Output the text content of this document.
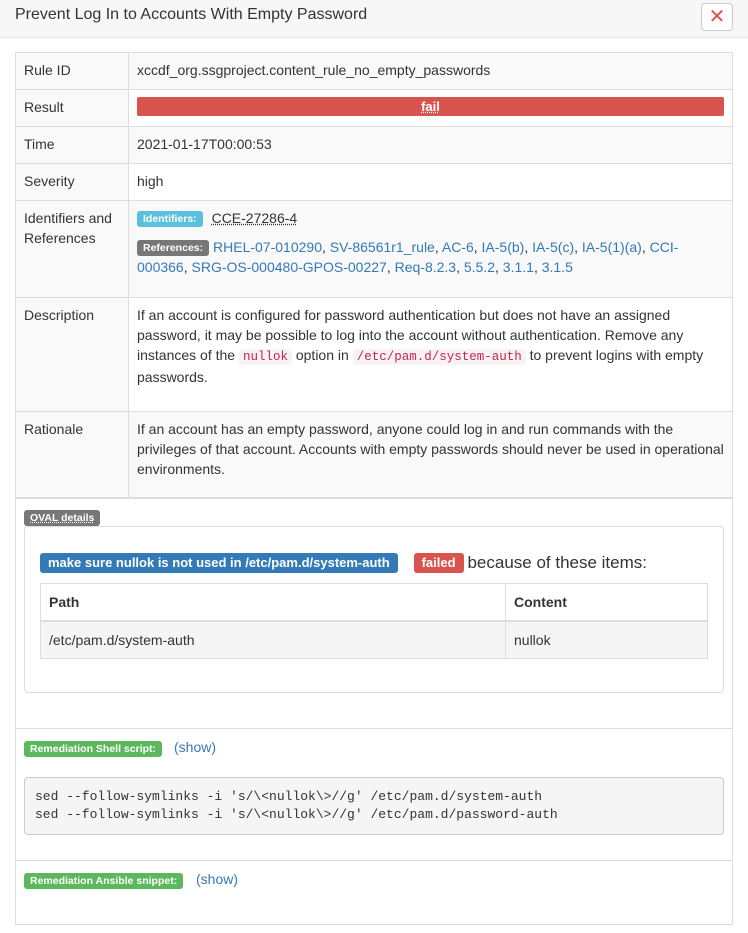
Prevent Log In to Accounts With Empty Password	✕
Rule ID	xccdf_org.ssgproject.content_rule_no_empty_passwords
Result	fail

Time	2021-01-17T00:00:53
Severity	high
Identifiers and References	Identifiers: CCE-27286-4
References: RHEL-07-010290, SV-86561r1_rule, AC-6, IA-5(b), IA-5(c), IA-5(1)(a), CCI-000366, SRG-OS-000480-GPOS-00227, Req-8.2.3, 5.5.2, 3.1.1, 3.1.5

Description	If an account is configured for password authentication but does not have an assigned password, it may be possible to log into the account without authentication. Remove any instances of the nullok option in /etc/pam.d/system-auth to prevent logins with empty passwords.
Rationale	If an account has an empty password, anyone could log in and run commands with the privileges of that account. Accounts with empty passwords should never be used in operational environments.
OVAL details
make sure nullok is not used in /etc/pam.d/system-auth failed because of these items:
Path	Content
/etc/pam.d/system-auth	nullok
Remediation Shell script:	(show)
sed --follow-symlinks -i 's/\<nullok\>//g' /etc/pam.d/system-auth
sed --follow-symlinks -i 's/\<nullok\>//g' /etc/pam.d/password-auth
Remediation Ansible snippet:	(show)
